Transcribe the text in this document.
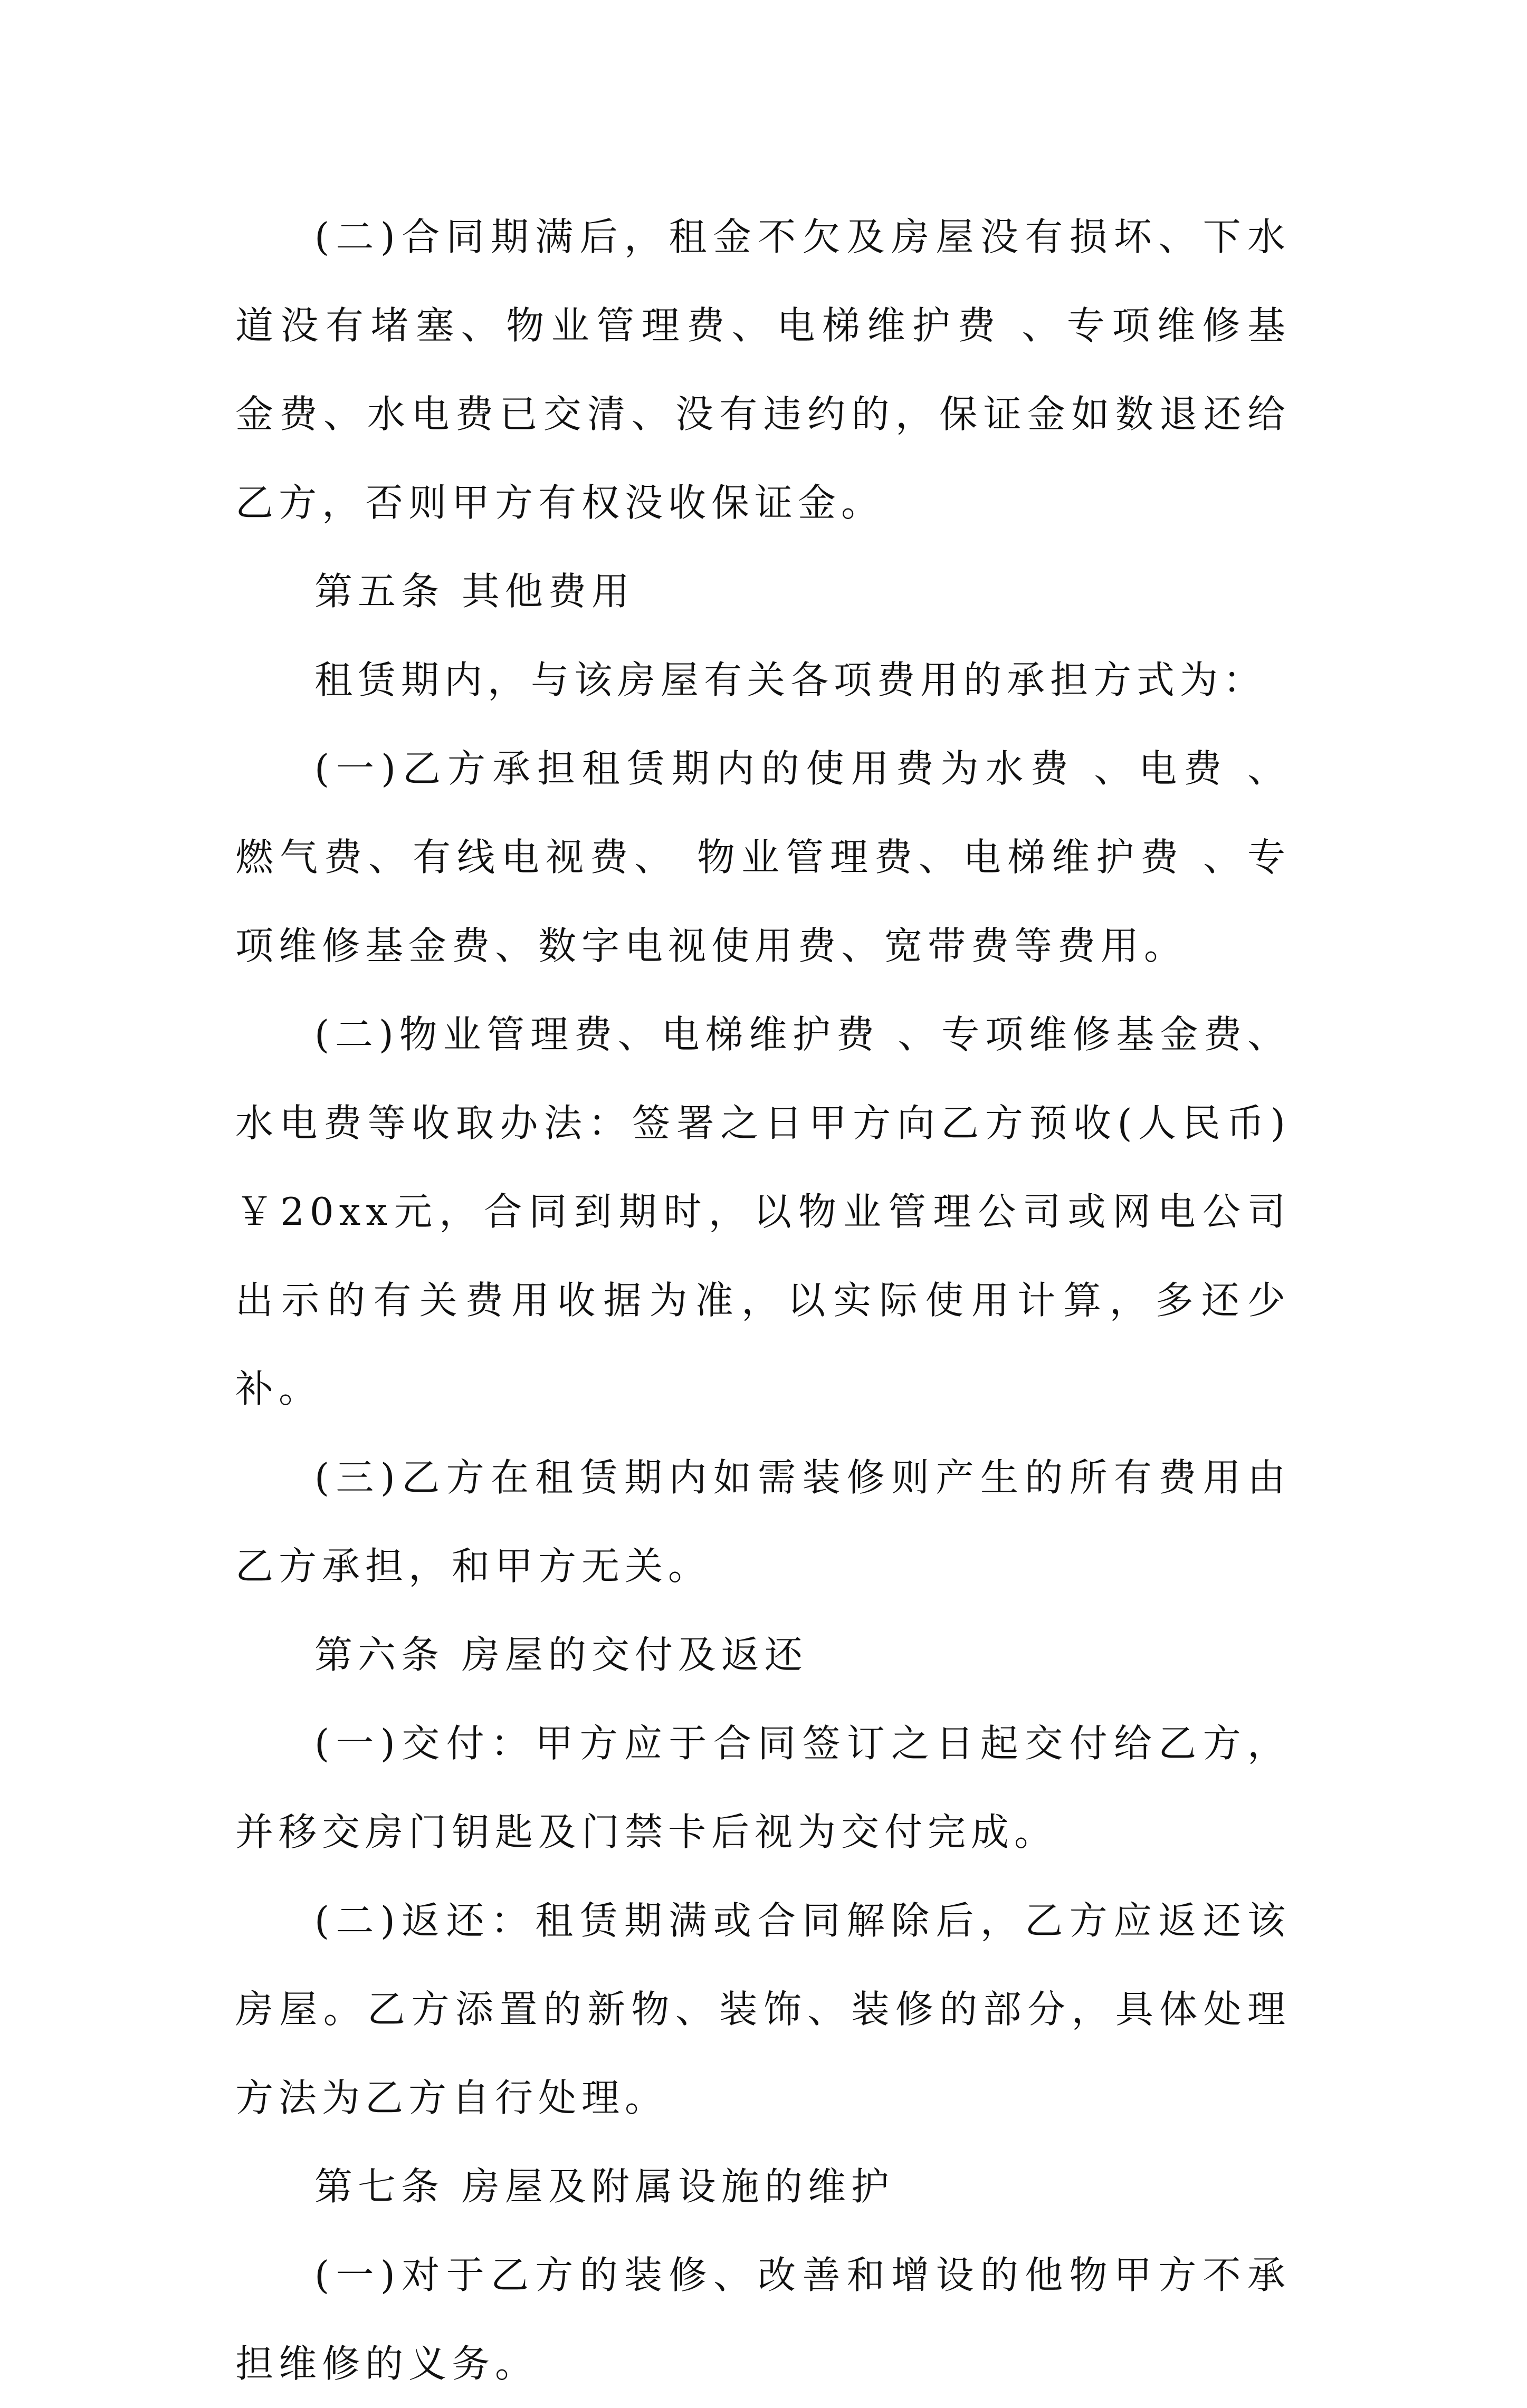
(二)合同期满后，租金不欠及房屋没有损坏、下水道没有堵塞、物业管理费、电梯维护费 、专项维修基金费、水电费已交清、没有违约的，保证金如数退还给乙方，否则甲方有权没收保证金。

第五条 其他费用

租赁期内，与该房屋有关各项费用的承担方式为：

(一)乙方承担租赁期内的使用费为水费 、电费 、燃气费、有线电视费、 物业管理费、电梯维护费 、专项维修基金费、数字电视使用费、宽带费等费用。

(二)物业管理费、电梯维护费 、专项维修基金费、水电费等收取办法：签署之日甲方向乙方预收(人民币)￥20xx元，合同到期时，以物业管理公司或网电公司出示的有关费用收据为准，以实际使用计算，多还少补。

(三)乙方在租赁期内如需装修则产生的所有费用由乙方承担，和甲方无关。

第六条 房屋的交付及返还

(一)交付：甲方应于合同签订之日起交付给乙方，并移交房门钥匙及门禁卡后视为交付完成。

(二)返还：租赁期满或合同解除后，乙方应返还该房屋。乙方添置的新物、装饰、装修的部分，具体处理方法为乙方自行处理。

第七条 房屋及附属设施的维护

(一)对于乙方的装修、改善和增设的他物甲方不承担维修的义务。
